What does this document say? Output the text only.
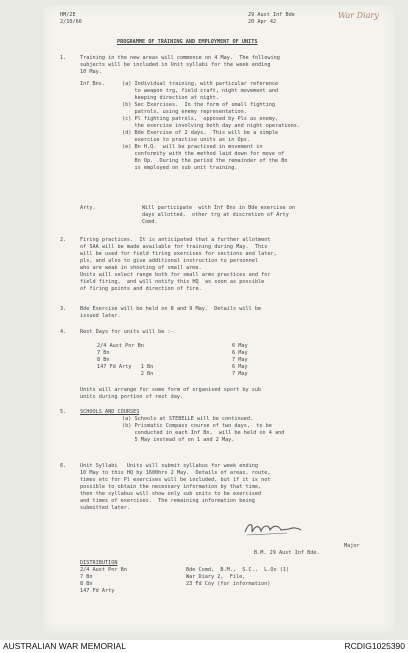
HM/2E
2/10/66
29 Aust Inf Bde
20 Apr 42
War Diary
PROGRAMME OF TRAINING AND EMPLOYMENT OF UNITS
1.	Training in the new areas will commence on 4 May.  The following
subjects will be included in Unit syllabi for the week ending
10 May.
Inf Bns.	(a) Individual training, with particular reference
to weapon trg, field craft, night movement and
keeping direction at night.
(b) Sec Exercises.  In the form of small fighting
patrols, using enemy representation.
(c) Pl fighting patrols,  opposed by Pls as enemy,
the exercise involving both day and night operations.
(d) Bde Exercise of 2 days.  This will be a simple
exercise to practise units as in Ops.
(e) Bn H.Q.  will be practised in movement in
conformity with the method laid down for move of
Bn Op.  During the period the remainder of the Bn
is employed on sub unit training.
Arty.	Will participate  with Inf Bns in Bde exercise on
days allotted,  other trg at discretion of Arty
Comd.
2.	Firing practices.  It is anticipated that a further allotment
of SAA will be made available for training during May.  This
will be used for field firing exercises for sections and later,
pls, and also to give additional instruction to personnel
who are weak in shooting of small arms.
Units will select range both for small arms practices and for
field firing,  and will notify this HQ  as soon as possible
of firing points and direction of fire.
3.	Bde Exercise will be held on 8 and 9 May.  Details will be
issued later.
4.	Rest Days for units will be :-
2/4 Aust Pnr Bn	6 May
7 Bn	6 May
8 Bn	7 May
147 Fd Arty   1 Bn	6 May
2 Bn	7 May
Units will arrange for some form of organised sport by sub
units during portion of rest day.
5.	SCHOOLS AND COURSES
(a) Schools at STEBELLE will be continued.
(b) Prismatic Compass course of two days,  to be
conducted in each Inf Bn,  will be held on 4 and
5 May instead of on 1 and 2 May.
6.	Unit Syllabi   Units will submit syllabus for week ending
10 May to this HQ by 1600hrs 2 May.  Details of areas, route,
times etc for Pl exercises will be included, but if it is not
possible to obtain the necessary information by that time,
then the syllabus will show only sub units to be exercised
and times of exercises.  The remaining information being
submitted later.
Major
B.M. 29 Aust Inf Bde.
DISTRIBUTION
2/4 Aust Pnr Bn
7 Bn
8 Bn
147 Fd Arty
Bde Comd,  B.M.,  S.C.,  L.Os (1)
War Diary 2,  File,
23 Fd Coy (for information)
AUSTRALIAN WAR MEMORIAL	RCDIG1025390
